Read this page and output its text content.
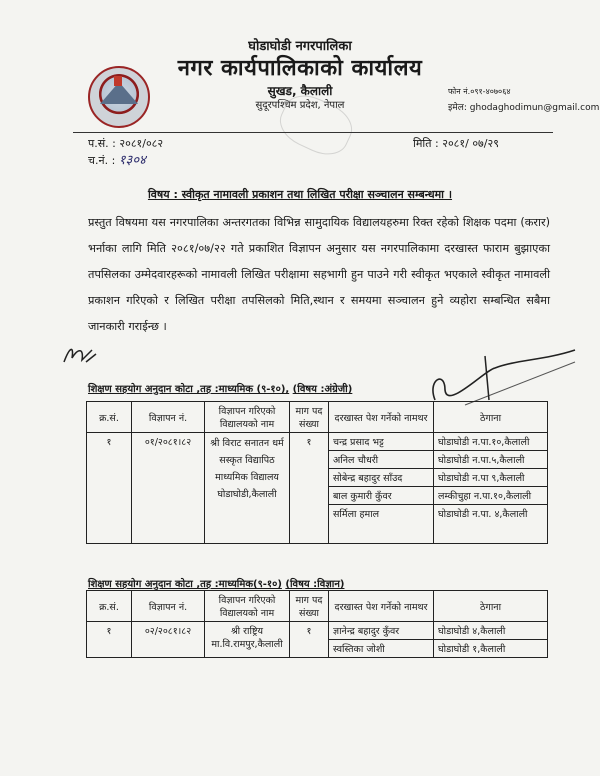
घोडाघोडी नगरपालिका
नगर कार्यपालिकाको कार्यालय
सुखड, कैलाली
सुदूरपश्चिम प्रदेश, नेपाल
फोन नं.०९१-४०७०६४
इमेल: ghodaghodimun@gmail.com
प.सं. : २०८१/०८२
च.नं. : १३०४
मिति : २०८१/ ०७/२९
विषय : स्वीकृत नामावली प्रकाशन तथा लिखित परीक्षा सञ्चालन सम्बन्धमा ।
प्रस्तुत विषयमा यस नगरपालिका अन्तरगतका विभिन्न सामुदायिक विद्यालयहरुमा रिक्त रहेको शिक्षक पदमा (करार) भर्नाका लागि मिति २०८१/०७/२२ गते प्रकाशित विज्ञापन अनुसार यस नगरपालिकामा दरखास्त फाराम बुझाएका तपसिलका उम्मेदवारहरूको नामावली लिखित परीक्षामा सहभागी हुन पाउने गरी स्वीकृत भएकाले स्वीकृत नामावली प्रकाशन गरिएको र लिखित परीक्षा तपसिलको मिति,स्थान र समयमा सञ्चालन हुने व्यहोरा सम्बन्धित सबैमा जानकारी गराईन्छ ।
शिक्षण सहयोग अनुदान कोटा ,तह :माध्यमिक (९-१०), (विषय :अंग्रेजी)
क्र.सं.	विज्ञापन नं.	विज्ञापन गरिएको विद्यालयको नाम	माग पद संख्या	दरखास्त पेश गर्नेको नामथर	ठेगाना
१	०१/२०८१।८२	श्री विराट सनातन धर्म सस्कृत विद्यापिठ माध्यमिक विद्यालय घोडाघोडी,कैलाली	१	चन्द्र प्रसाद भट्ट	घोडाघोडी न.पा.१०,कैलाली
				अनिल चौधरी	घोडाघोडी न.पा.५,कैलाली
				सोबेन्द्र बहादुर साँउद	घोडाघोडी न.पा ९,कैलाली
				बाल कुमारी कुँवर	लम्कीचुहा न.पा.१०,कैलाली
				सर्मिला हमाल	घोडाघोडी न.पा. ४,कैलाली
शिक्षण सहयोग अनुदान कोटा ,तह :माध्यमिक(९-१०) (विषय :विज्ञान)
क्र.सं.	विज्ञापन नं.	विज्ञापन गरिएको विद्यालयको नाम	माग पद संख्या	दरखास्त पेश गर्नेको नामथर	ठेगाना
१	०२/२०८१।८२	श्री राष्ट्रिय मा.वि.रामपुर,कैलाली	१	ज्ञानेन्द्र बहादुर कुँवर	घोडाघोडी ४,कैलाली
				स्वस्तिका जोशी	घोडाघोडी १,कैलाली
